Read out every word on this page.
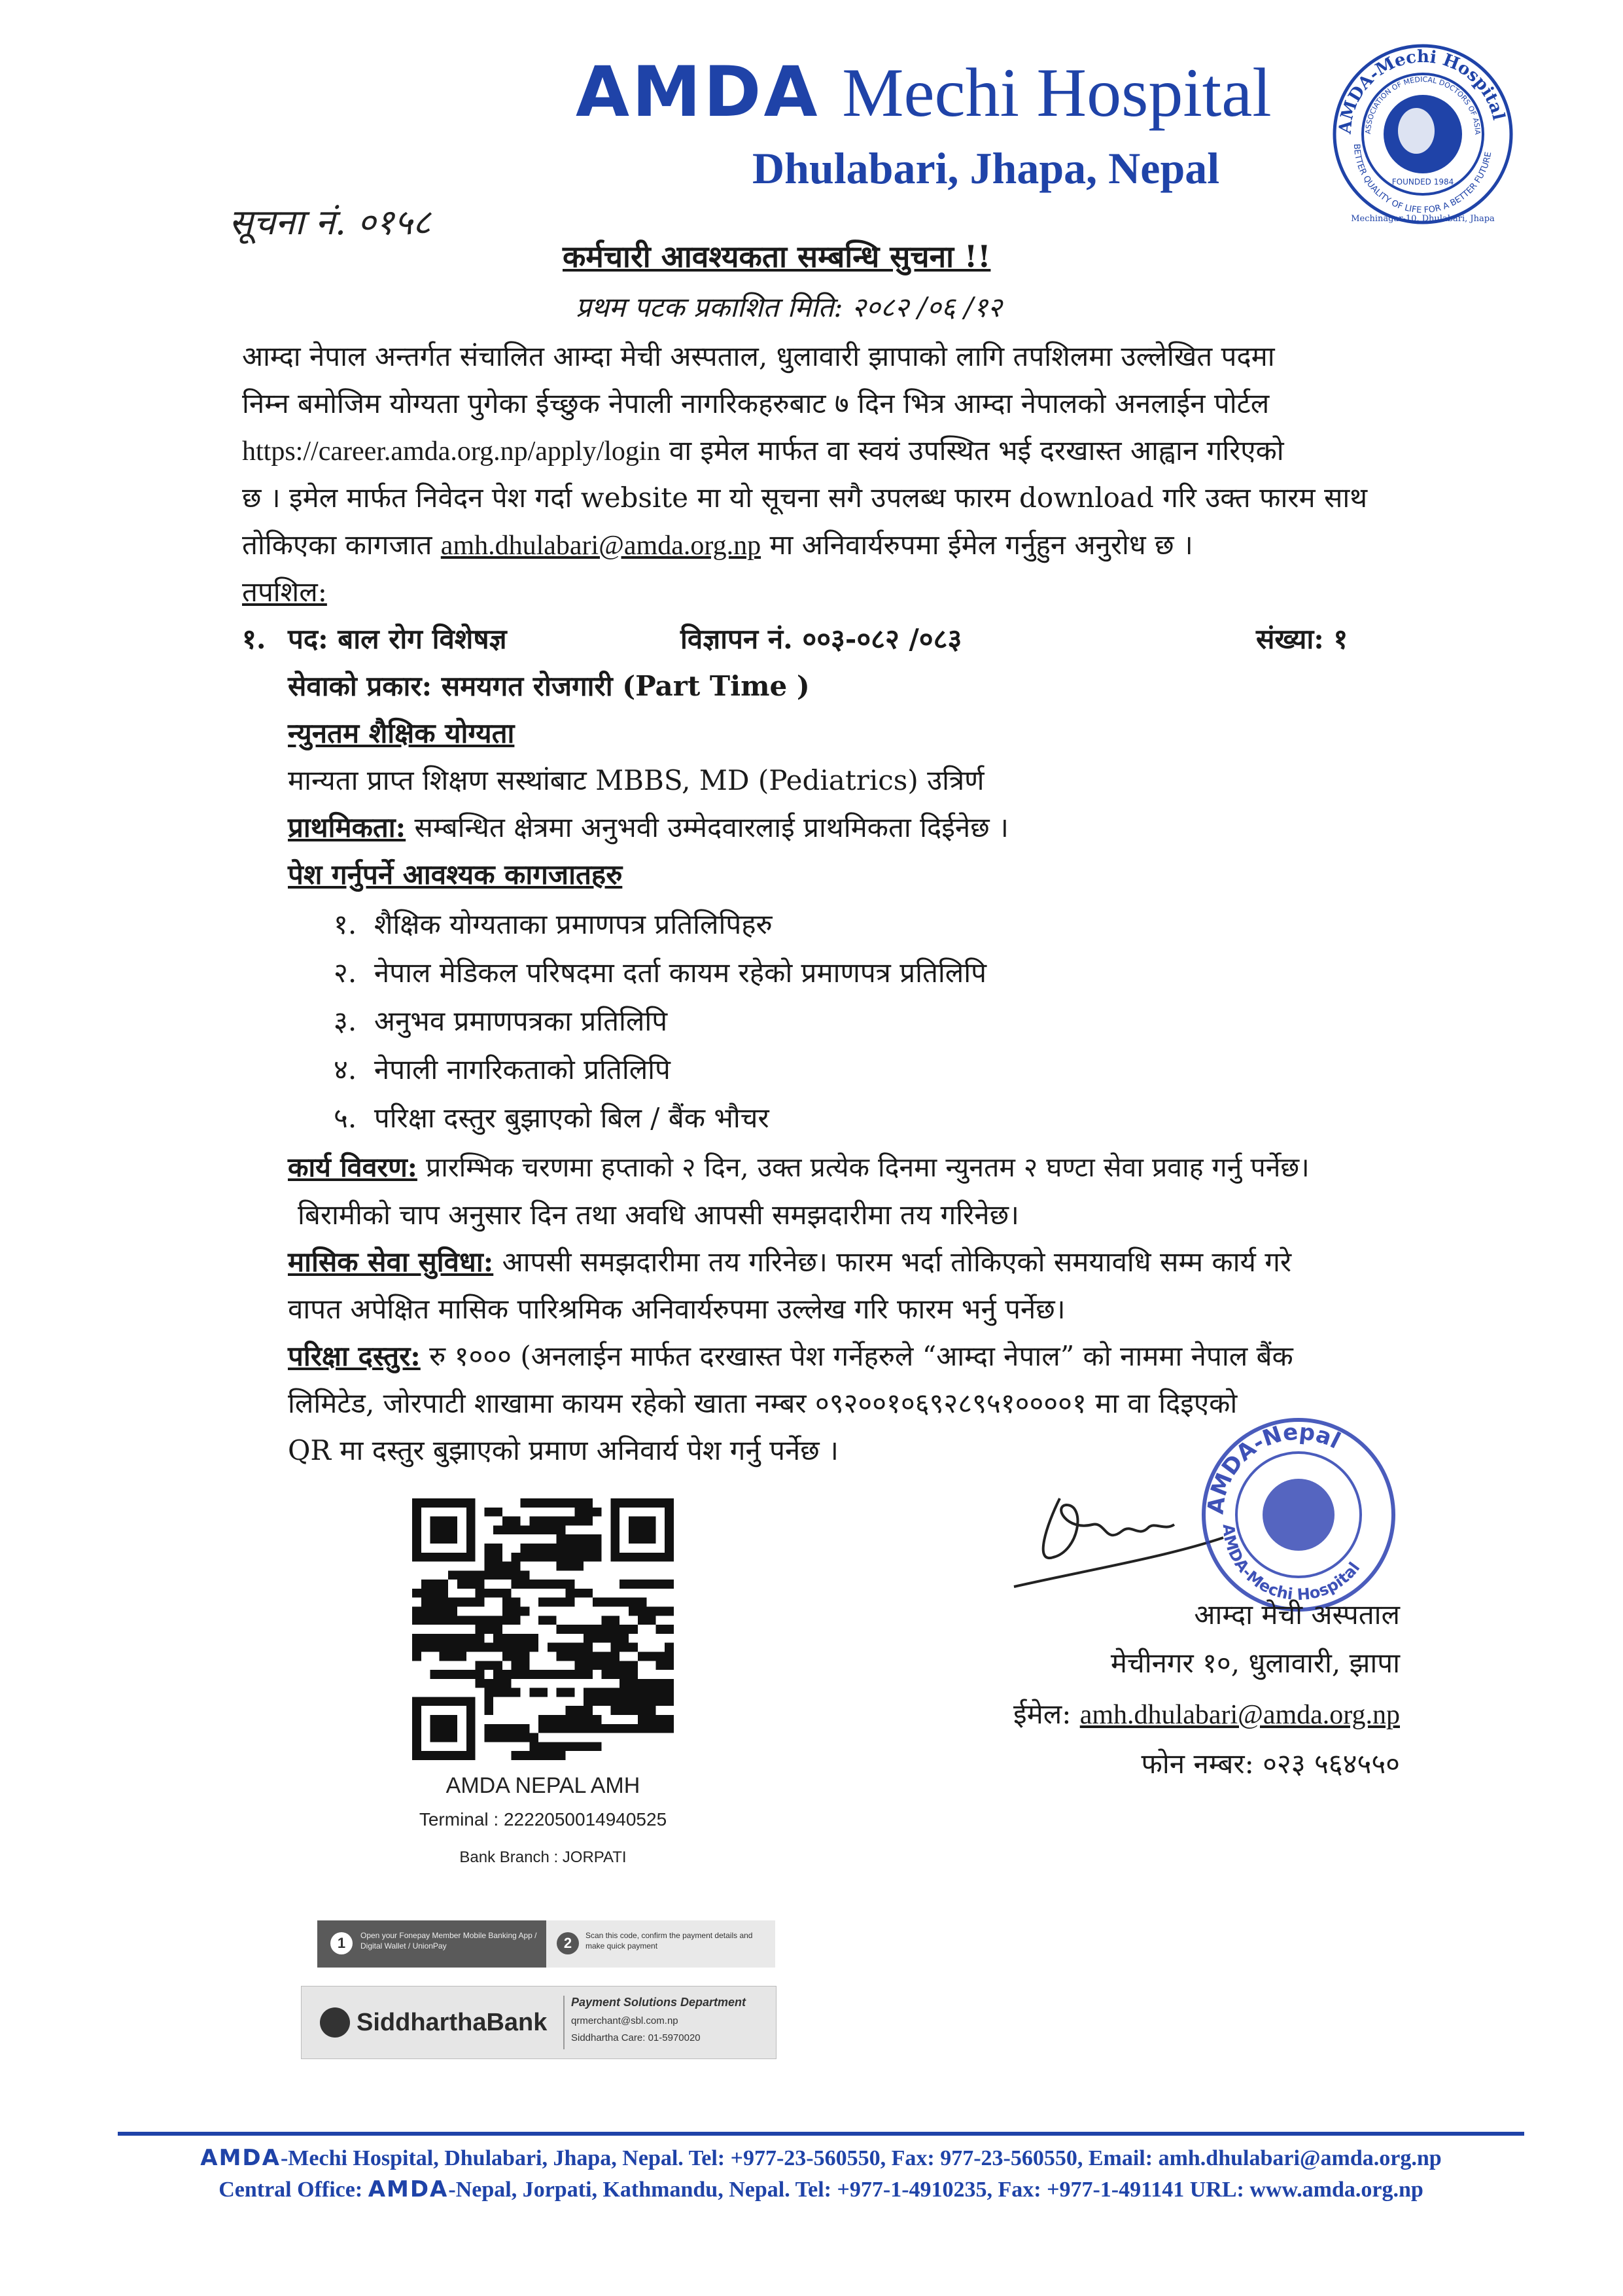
AMDA Mechi Hospital
Dhulabari, Jhapa, Nepal
AMDA-Mechi Hospital
ASSOCIATION OF MEDICAL DOCTORS OF ASIA
BETTER QUALITY OF LIFE FOR A BETTER FUTURE
FOUNDED 1984
Mechinagar-10, Dhulabari, Jhapa
सूचना नं. ०१५८
कर्मचारी आवश्यकता सम्बन्धि सुचना !!
प्रथम पटक प्रकाशित मिति: २०८२ /०६ /१२
आम्दा नेपाल अन्तर्गत संचालित आम्दा मेची अस्पताल, धुलावारी झापाको लागि तपशिलमा उल्लेखित पदमा
निम्न बमोजिम योग्यता पुगेका ईच्छुक नेपाली नागरिकहरुबाट ७ दिन भित्र आम्दा नेपालको अनलाईन पोर्टल
https://career.amda.org.np/apply/login वा इमेल मार्फत वा स्वयं उपस्थित भई दरखास्त आह्वान गरिएको
छ । इमेल मार्फत निवेदन पेश गर्दा website मा यो सूचना सगै उपलब्ध फारम download गरि उक्त फारम साथ
तोकिएका कागजात amh.dhulabari@amda.org.np मा अनिवार्यरुपमा ईमेल गर्नुहुन अनुरोध छ ।
तपशिल:
१. पद: बाल रोग विशेषज्ञ	विज्ञापन नं. ००३-०८२ /०८३	संख्या: १
सेवाको प्रकार: समयगत रोजगारी (Part Time )
न्युनतम शैक्षिक योग्यता
मान्यता प्राप्त शिक्षण सस्थांबाट MBBS, MD (Pediatrics) उत्रिर्ण
प्राथमिकता: सम्बन्धित क्षेत्रमा अनुभवी उम्मेदवारलाई प्राथमिकता दिईनेछ ।
पेश गर्नुपर्ने आवश्यक कागजातहरु
१. शैक्षिक योग्यताका प्रमाणपत्र प्रतिलिपिहरु
२. नेपाल मेडिकल परिषदमा दर्ता कायम रहेको प्रमाणपत्र प्रतिलिपि
३. अनुभव प्रमाणपत्रका प्रतिलिपि
४. नेपाली नागरिकताको प्रतिलिपि
५. परिक्षा दस्तुर बुझाएको बिल / बैंक भौचर
कार्य विवरण: प्रारम्भिक चरणमा हप्ताको २ दिन, उक्त प्रत्येक दिनमा न्युनतम २ घण्टा सेवा प्रवाह गर्नु पर्नेछ।
बिरामीको चाप अनुसार दिन तथा अवधि आपसी समझदारीमा तय गरिनेछ।
मासिक सेवा सुविधा: आपसी समझदारीमा तय गरिनेछ। फारम भर्दा तोकिएको समयावधि सम्म कार्य गरे
वापत अपेक्षित मासिक पारिश्रमिक अनिवार्यरुपमा उल्लेख गरि फारम भर्नु पर्नेछ।
परिक्षा दस्तुर: रु १००० (अनलाईन मार्फत दरखास्त पेश गर्नेहरुले “आम्दा नेपाल” को नाममा नेपाल बैंक
लिमिटेड, जोरपाटी शाखामा कायम रहेको खाता नम्बर ०९२००१०६९२८९५१००००१ मा वा दिइएको
QR मा दस्तुर बुझाएको प्रमाण अनिवार्य पेश गर्नु पर्नेछ ।
AMDA NEPAL AMH
Terminal : 2222050014940525
Bank Branch : JORPATI
1	Open your Fonepay Member Mobile Banking App / Digital Wallet / UnionPay	2	Scan this code, confirm the payment details and make quick payment
SiddharthaBank
Payment Solutions Department
qrmerchant@sbl.com.np
Siddhartha Care: 01-5970020
AMDA-Nepal
AMDA-Mechi Hospital
आम्दा मेची अस्पताल
मेचीनगर १०, धुलावारी, झापा
ईमेल: amh.dhulabari@amda.org.np
फोन नम्बर: ०२३ ५६४५५०
AMDA-Mechi Hospital, Dhulabari, Jhapa, Nepal. Tel: +977-23-560550, Fax: 977-23-560550, Email: amh.dhulabari@amda.org.np
Central Office: AMDA-Nepal, Jorpati, Kathmandu, Nepal. Tel: +977-1-4910235, Fax: +977-1-491141 URL: www.amda.org.np
